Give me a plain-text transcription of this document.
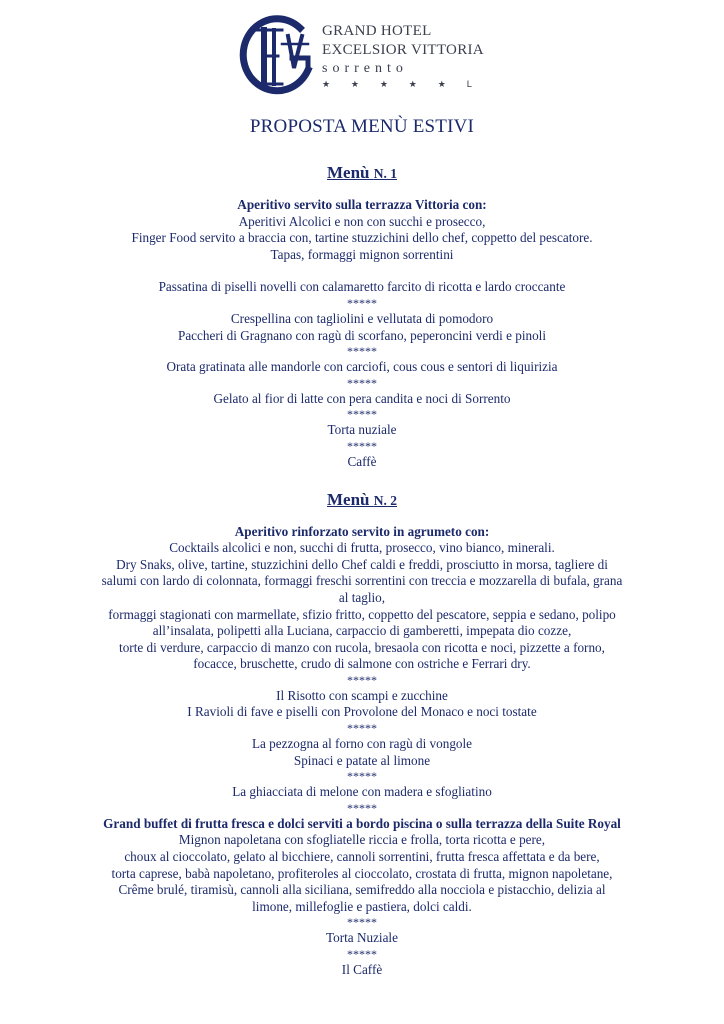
GRAND HOTEL
EXCELSIOR VITTORIA
sorrento
★ ★ ★ ★ ★ L
PROPOSTA MENÙ ESTIVI
Menù N. 1

Aperitivo servito sulla terrazza Vittoria con:

Aperitivi Alcolici e non con succhi e prosecco,

Finger Food servito a braccia con, tartine stuzzichini dello chef, coppetto del pescatore.

Tapas, formaggi mignon sorrentini

Passatina di piselli novelli con calamaretto farcito di ricotta e lardo croccante

*****

Crespellina con tagliolini e vellutata di pomodoro

Paccheri di Gragnano con ragù di scorfano, peperoncini verdi e pinoli

*****

Orata gratinata alle mandorle con carciofi, cous cous e sentori di liquirizia

*****

Gelato al fior di latte con pera candita e noci di Sorrento

*****

Torta nuziale

*****

Caffè

Menù N. 2

Aperitivo rinforzato servito in agrumeto con:

Cocktails alcolici e non, succhi di frutta, prosecco, vino bianco, minerali.

Dry Snaks, olive, tartine, stuzzichini dello Chef caldi e freddi, prosciutto in morsa, tagliere di

salumi con lardo di colonnata, formaggi freschi sorrentini con treccia e mozzarella di bufala, grana

al taglio,

formaggi stagionati con marmellate, sfizio fritto, coppetto del pescatore, seppia e sedano, polipo

all’insalata, polipetti alla Luciana, carpaccio di gamberetti, impepata dio cozze,

torte di verdure, carpaccio di manzo con rucola, bresaola con ricotta e noci, pizzette a forno,

focacce, bruschette, crudo di salmone con ostriche e Ferrari dry.

*****

Il Risotto con scampi e zucchine

I Ravioli di fave e piselli con Provolone del Monaco e noci tostate

*****

La pezzogna al forno con ragù di vongole

Spinaci e patate al limone

*****

La ghiacciata di melone con madera e sfogliatino

*****

Grand buffet di frutta fresca e dolci serviti a bordo piscina o sulla terrazza della Suite Royal

Mignon napoletana con sfogliatelle riccia e frolla, torta ricotta e pere,

choux al cioccolato, gelato al bicchiere, cannoli sorrentini, frutta fresca affettata e da bere,

torta caprese, babà napoletano, profiteroles al cioccolato, crostata di frutta, mignon napoletane,

Crême brulé, tiramisù, cannoli alla siciliana, semifreddo alla nocciola e pistacchio, delizia al

limone, millefoglie e pastiera, dolci caldi.

*****

Torta Nuziale

*****

Il Caffè
